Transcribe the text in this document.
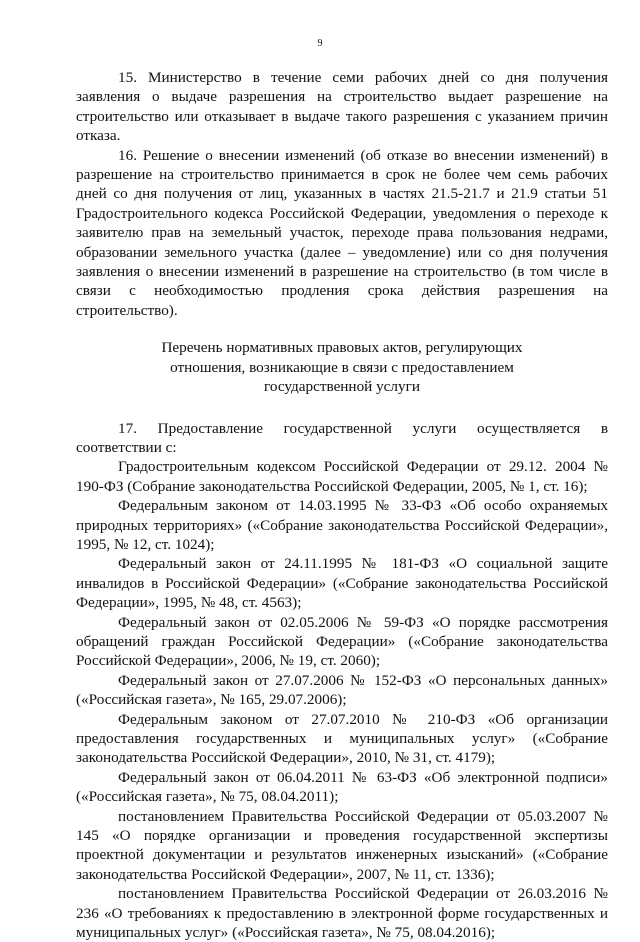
9

15. Министерство в течение семи рабочих дней со дня получения заявления о выдаче разрешения на строительство выдает разрешение на строительство или отказывает в выдаче такого разрешения с указанием причин отказа.

16. Решение о внесении изменений (об отказе во внесении изменений) в разрешение на строительство принимается в срок не более чем семь рабочих дней со дня получения от лиц, указанных в частях 21.5-21.7 и 21.9 статьи 51 Градостроительного кодекса Российской Федерации, уведомления о переходе к заявителю прав на земельный участок, переходе права пользования недрами, образовании земельного участка (далее – уведомление) или со дня получения заявления о внесении изменений в разрешение на строительство (в том числе в связи с необходимостью продления срока действия разрешения на строительство).

Перечень нормативных правовых актов, регулирующих
отношения, возникающие в связи с предоставлением
государственной услуги

17. Предоставление государственной услуги осуществляется в соответствии с:

Градостроительным кодексом Российской Федерации от 29.12. 2004 № 190-ФЗ (Собрание законодательства Российской Федерации, 2005, № 1, ст. 16);

Федеральным законом от 14.03.1995 № 33-ФЗ «Об особо охраняемых природных территориях» («Собрание законодательства Российской Федерации», 1995, № 12, ст. 1024);

Федеральный закон от 24.11.1995 № 181-ФЗ «О социальной защите инвалидов в Российской Федерации» («Собрание законодательства Российской Федерации», 1995, № 48, ст. 4563);

Федеральный закон от 02.05.2006 № 59-ФЗ «О порядке рассмотрения обращений граждан Российской Федерации» («Собрание законодательства Российской Федерации», 2006, № 19, ст. 2060);

Федеральный закон от 27.07.2006 № 152-ФЗ «О персональных данных» («Российская газета», № 165, 29.07.2006);

Федеральным законом от 27.07.2010 № 210-ФЗ «Об организации предоставления государственных и муниципальных услуг» («Собрание законодательства Российской Федерации», 2010, № 31, ст. 4179);

Федеральный закон от 06.04.2011 № 63-ФЗ «Об электронной подписи» («Российская газета», № 75, 08.04.2011);

постановлением Правительства Российской Федерации от 05.03.2007 № 145 «О порядке организации и проведения государственной экспертизы проектной документации и результатов инженерных изысканий» («Собрание законодательства Российской Федерации», 2007, № 11, ст. 1336);

постановлением Правительства Российской Федерации от 26.03.2016 № 236 «О требованиях к предоставлению в электронной форме государственных и муниципальных услуг» («Российская газета», № 75, 08.04.2016);
